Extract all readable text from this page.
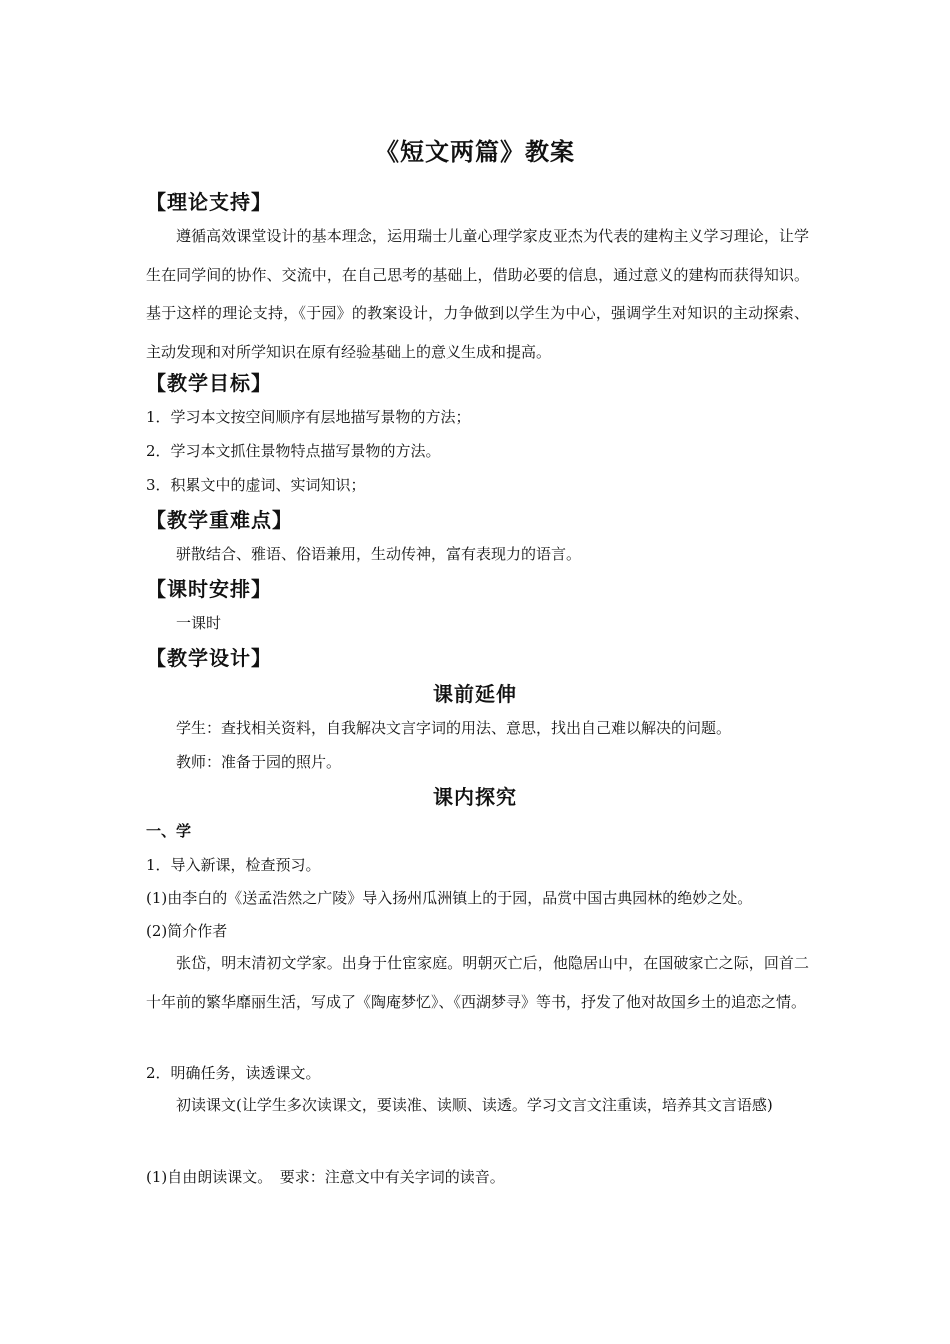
《短文两篇》教案
【理论支持】

遵循高效课堂设计的基本理念，运用瑞士儿童心理学家皮亚杰为代表的建构主义学习理论，让学生在同学间的协作、交流中，在自己思考的基础上，借助必要的信息，通过意义的建构而获得知识。基于这样的理论支持，《于园》的教案设计，力争做到以学生为中心，强调学生对知识的主动探索、主动发现和对所学知识在原有经验基础上的意义生成和提高。

【教学目标】
1．学习本文按空间顺序有层地描写景物的方法；
2．学习本文抓住景物特点描写景物的方法。
3．积累文中的虚词、实词知识；
【教学重难点】
骈散结合、雅语、俗语兼用，生动传神，富有表现力的语言。
【课时安排】
一课时
【教学设计】
课前延伸
学生：查找相关资料，自我解决文言字词的用法、意思，找出自己难以解决的问题。
教师：准备于园的照片。
课内探究
一、学
1．导入新课，检查预习。
(1)由李白的《送孟浩然之广陵》导入扬州瓜洲镇上的于园，品赏中国古典园林的绝妙之处。
(2)简介作者

张岱，明末清初文学家。出身于仕宦家庭。明朝灭亡后，他隐居山中，在国破家亡之际，回首二十年前的繁华靡丽生活，写成了《陶庵梦忆》、《西湖梦寻》等书，抒发了他对故国乡土的追恋之情。

2．明确任务，读透课文。

初读课文(让学生多次读课文，要读准、读顺、读透。学习文言文注重读，培养其文言语感)

(1)自由朗读课文。　要求：注意文中有关字词的读音。
